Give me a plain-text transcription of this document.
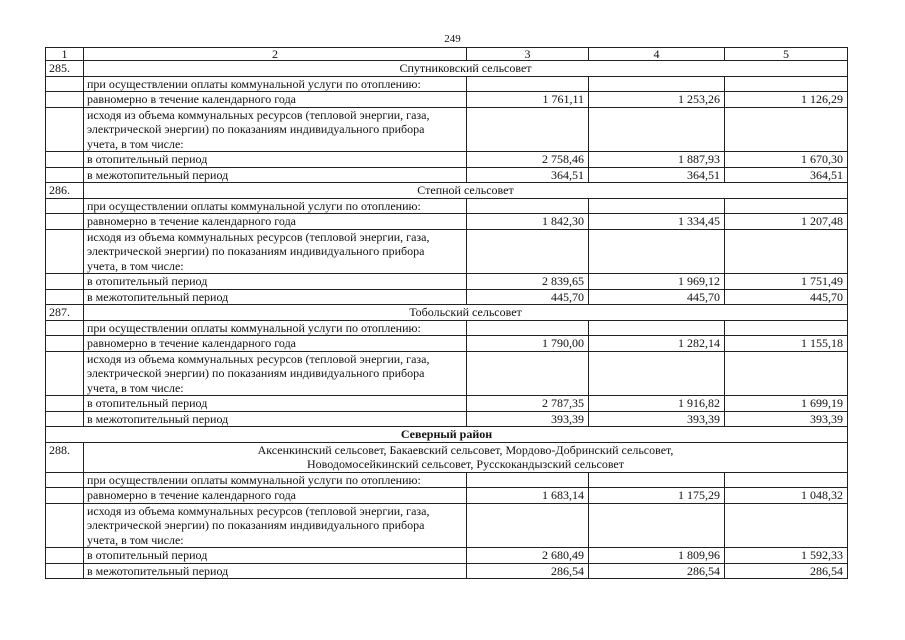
249
1	2	3	4	5
285.	Спутниковский сельсовет			
	при осуществлении оплаты коммунальной услуги по отоплению:			
	равномерно в течение календарного года	1 761,11	1 253,26	1 126,29
	исходя из объема коммунальных ресурсов (тепловой энергии, газа, электрической энергии) по показаниям индивидуального прибора учета, в том числе:			
	в отопительный период	2 758,46	1 887,93	1 670,30
	в межотопительный период	364,51	364,51	364,51
286.	Степной сельсовет			
	при осуществлении оплаты коммунальной услуги по отоплению:			
	равномерно в течение календарного года	1 842,30	1 334,45	1 207,48
	исходя из объема коммунальных ресурсов (тепловой энергии, газа, электрической энергии) по показаниям индивидуального прибора учета, в том числе:			
	в отопительный период	2 839,65	1 969,12	1 751,49
	в межотопительный период	445,70	445,70	445,70
287.	Тобольский сельсовет			
	при осуществлении оплаты коммунальной услуги по отоплению:			
	равномерно в течение календарного года	1 790,00	1 282,14	1 155,18
	исходя из объема коммунальных ресурсов (тепловой энергии, газа, электрической энергии) по показаниям индивидуального прибора учета, в том числе:			
	в отопительный период	2 787,35	1 916,82	1 699,19
	в межотопительный период	393,39	393,39	393,39
Северный район				
288.	Аксенкинский сельсовет, Бакаевский сельсовет, Мордово-Добринский сельсовет,
Новодомосейкинский сельсовет, Русскокандызский сельсовет			

	при осуществлении оплаты коммунальной услуги по отоплению:			
	равномерно в течение календарного года	1 683,14	1 175,29	1 048,32
	исходя из объема коммунальных ресурсов (тепловой энергии, газа, электрической энергии) по показаниям индивидуального прибора учета, в том числе:			
	в отопительный период	2 680,49	1 809,96	1 592,33
	в межотопительный период	286,54	286,54	286,54
